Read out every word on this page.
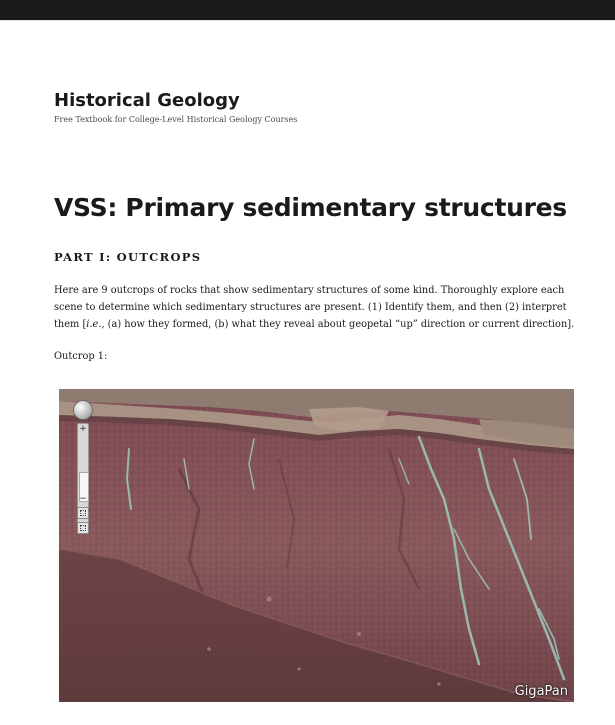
Historical Geology

Free Textbook for College-Level Historical Geology Courses

VSS: Primary sedimentary structures
PART I: OUTCROPS

Here are 9 outcrops of rocks that show sedimentary structures of some kind. Thoroughly explore each
scene to determine which sedimentary structures are present. (1) Identify them, and then (2) interpret
them [i.e., (a) how they formed, (b) what they reveal about geopetal “up” direction or current direction].

Outcrop 1:

+
−
GigaPan
